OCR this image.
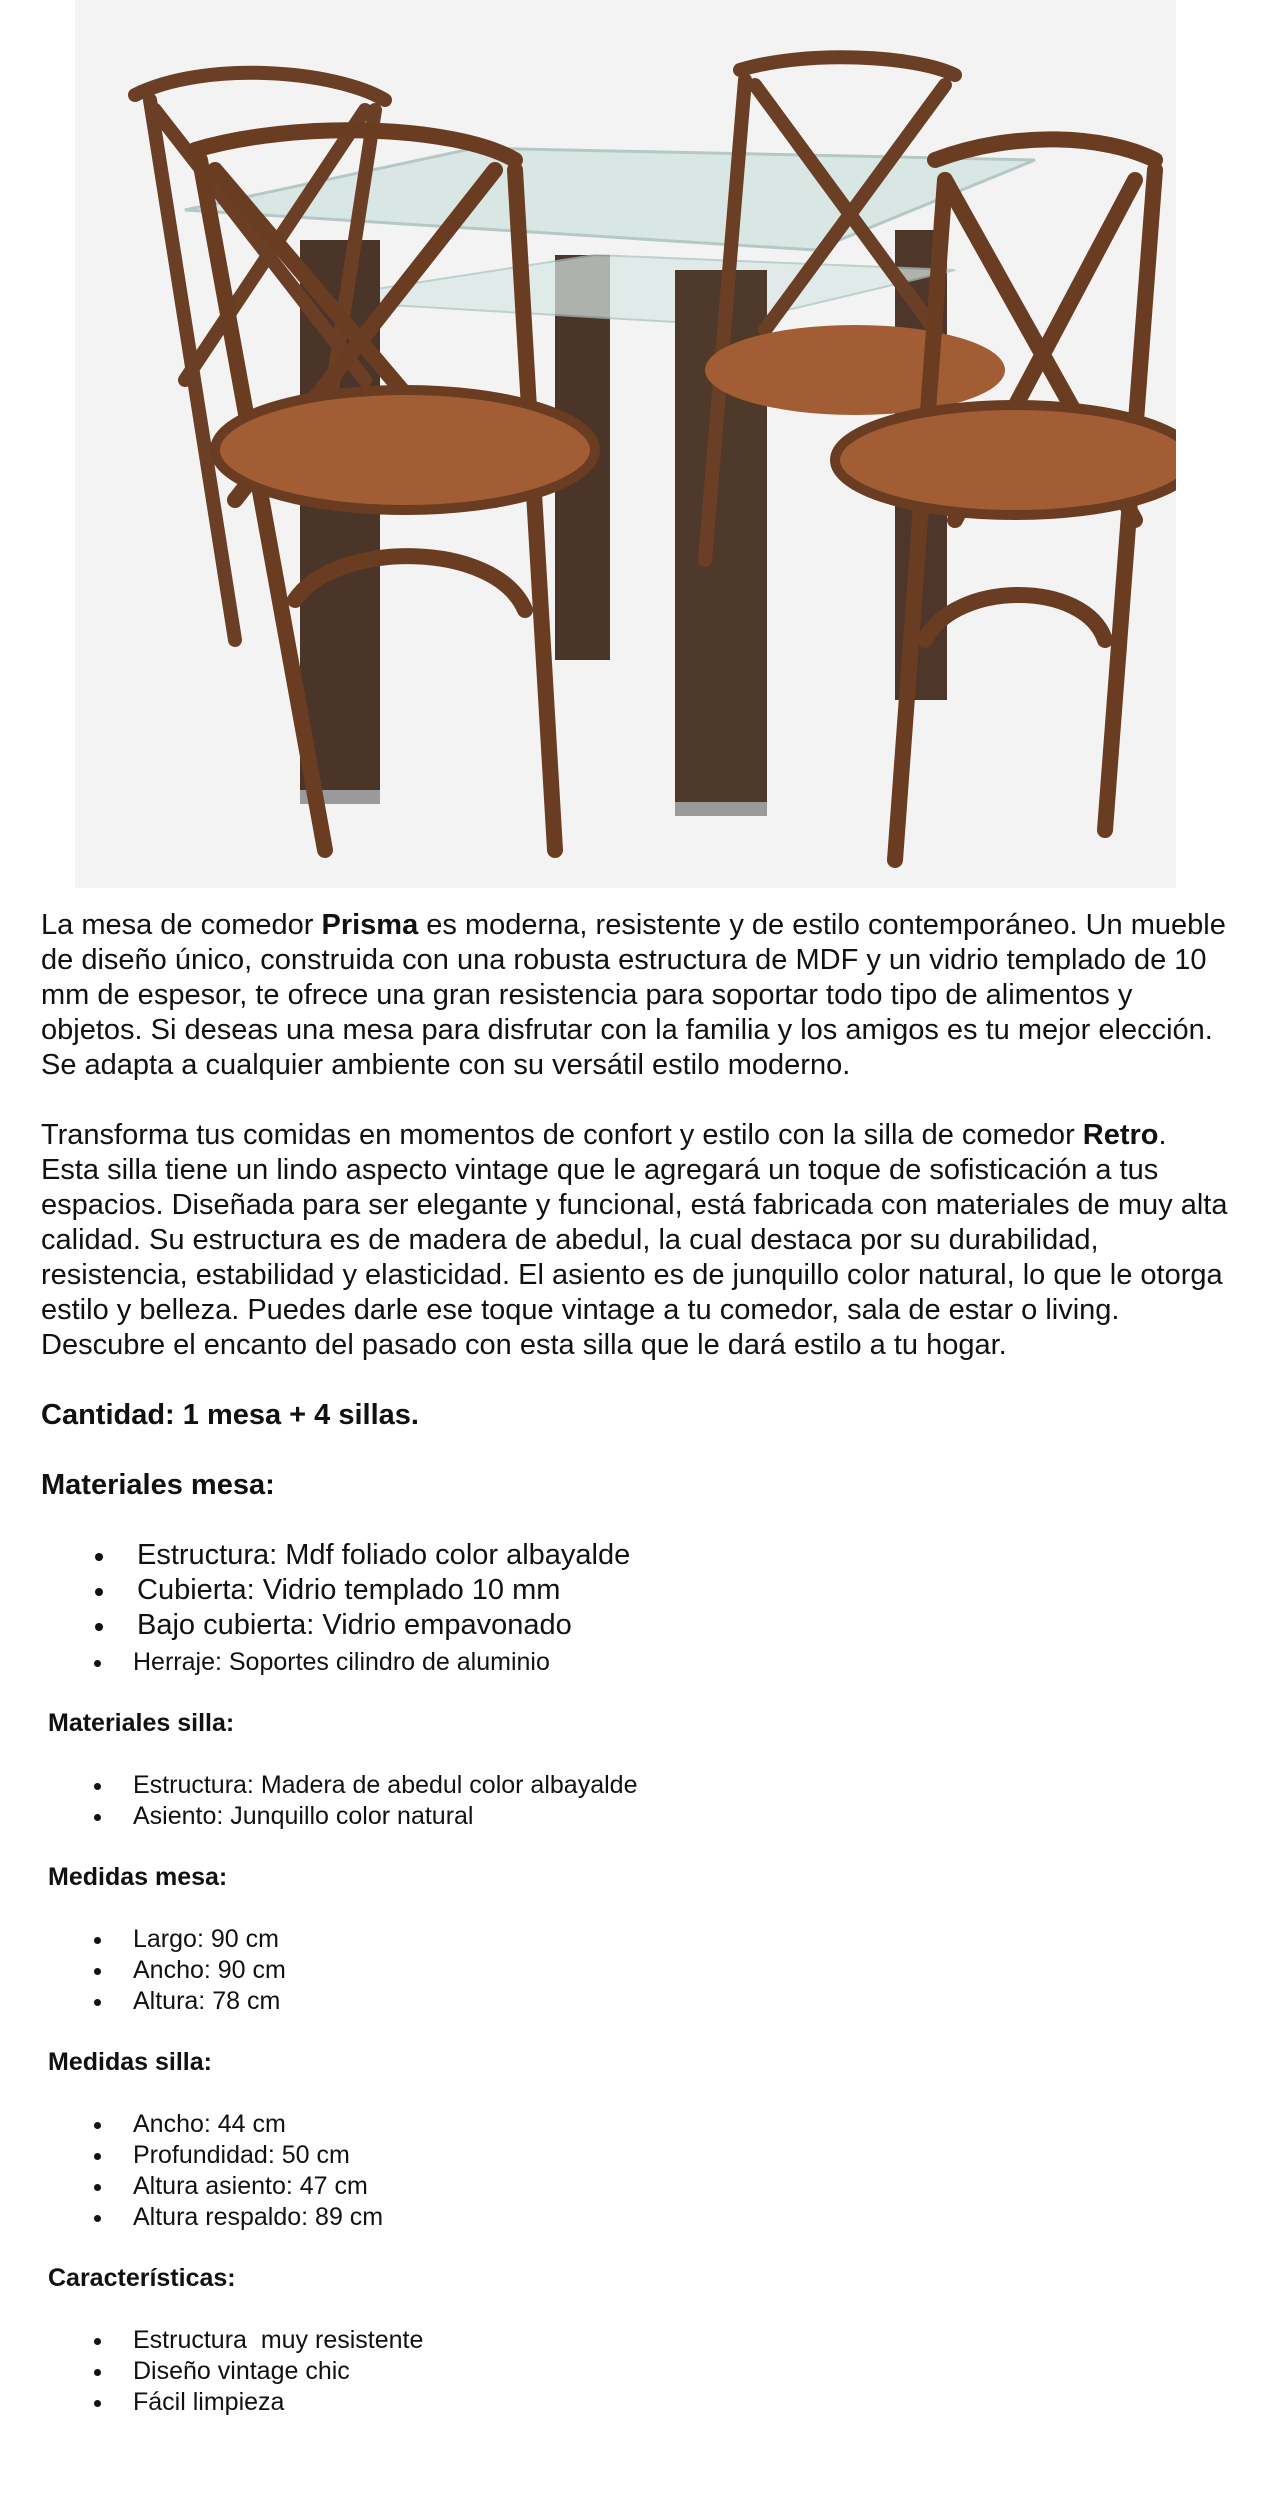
La mesa de comedor Prisma es moderna, resistente y de estilo contemporáneo. Un mueble de diseño único, construida con una robusta estructura de MDF y un vidrio templado de 10 mm de espesor, te ofrece una gran resistencia para soportar todo tipo de alimentos y objetos. Si deseas una mesa para disfrutar con la familia y los amigos es tu mejor elección. Se adapta a cualquier ambiente con su versátil estilo moderno.

Transforma tus comidas en momentos de confort y estilo con la silla de comedor Retro. Esta silla tiene un lindo aspecto vintage que le agregará un toque de sofisticación a tus espacios. Diseñada para ser elegante y funcional, está fabricada con materiales de muy alta calidad. Su estructura es de madera de abedul, la cual destaca por su durabilidad, resistencia, estabilidad y elasticidad. El asiento es de junquillo color natural, lo que le otorga estilo y belleza. Puedes darle ese toque vintage a tu comedor, sala de estar o living. Descubre el encanto del pasado con esta silla que le dará estilo a tu hogar.

Cantidad: 1 mesa + 4 sillas.
Materiales mesa:
Estructura: Mdf foliado color albayalde
Cubierta: Vidrio templado 10 mm
Bajo cubierta: Vidrio empavonado
Herraje: Soportes cilindro de aluminio
Materiales silla:
Estructura: Madera de abedul color albayalde
Asiento: Junquillo color natural
Medidas mesa:
Largo: 90 cm
Ancho: 90 cm
Altura: 78 cm
Medidas silla:
Ancho: 44 cm
Profundidad: 50 cm
Altura asiento: 47 cm
Altura respaldo: 89 cm
Características:
Estructura  muy resistente
Diseño vintage chic
Fácil limpieza
